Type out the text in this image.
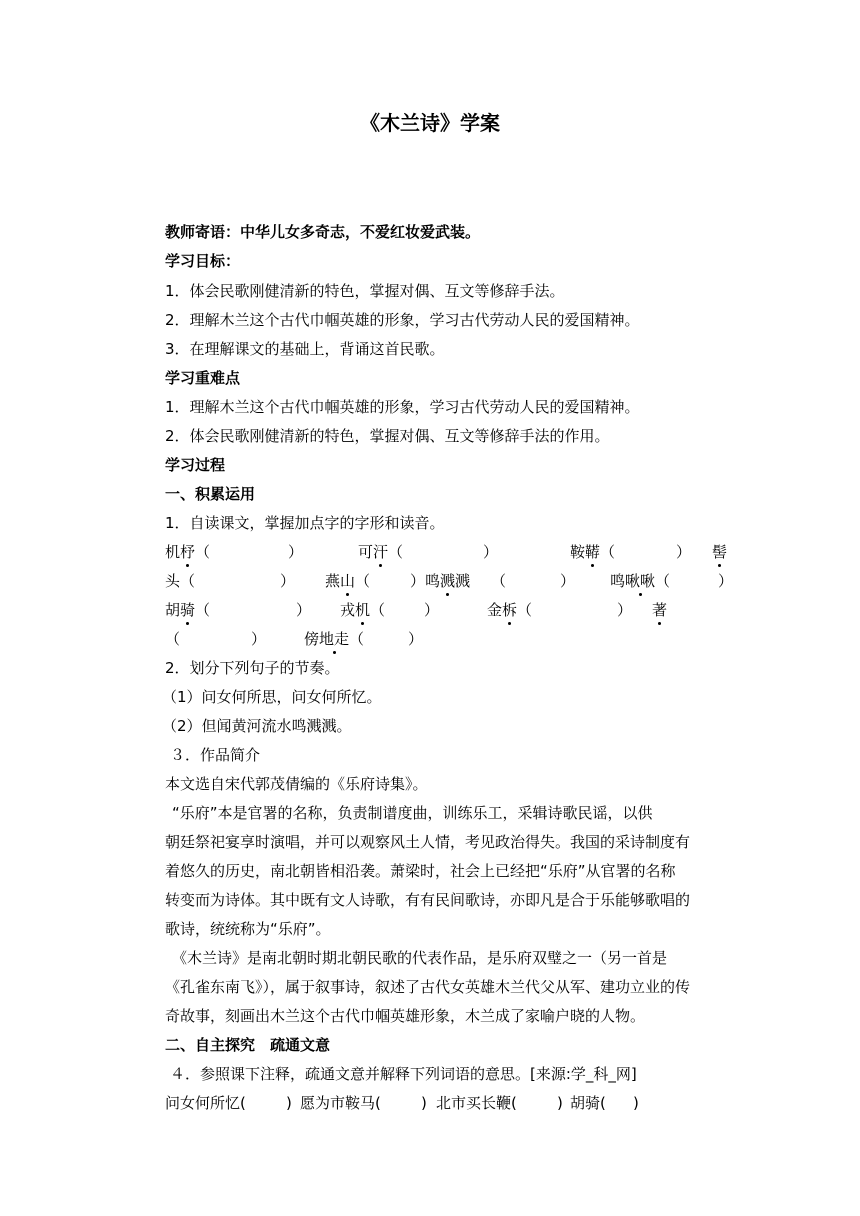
《木兰诗》学案
教师寄语：中华儿女多奇志，不爱红妆爱武装。
学习目标：
1．体会民歌刚健清新的特色，掌握对偶、互文等修辞手法。
2．理解木兰这个古代巾帼英雄的形象，学习古代劳动人民的爱国精神。
3．在理解课文的基础上，背诵这首民歌。
学习重难点
1．理解木兰这个古代巾帼英雄的形象，学习古代劳动人民的爱国精神。
2．体会民歌刚健清新的特色，掌握对偶、互文等修辞手法的作用。
学习过程
一、积累运用
1．自读课文，掌握加点字的字形和读音。
机杼（	）	可汗（	）	鞍鞯（	） 髻
头（	） 燕山（	） 鸣溅溅 （	） 鸣啾啾（	）
胡骑（	） 戎机（	）	金柝（	） 著
（	）	傍地走（	）
2．划分下列句子的节奏。
（1）问女何所思，问女何所忆。
（2）但闻黄河流水鸣溅溅。
３．作品简介
本文选自宋代郭茂倩编的《乐府诗集》。
“乐府”本是官署的名称，负责制谱度曲，训练乐工，采辑诗歌民谣，以供
朝廷祭祀宴享时演唱，并可以观察风土人情，考见政治得失。我国的采诗制度有
着悠久的历史，南北朝皆相沿袭。萧梁时，社会上已经把“乐府”从官署的名称
转变而为诗体。其中既有文人诗歌，有有民间歌诗，亦即凡是合于乐能够歌唱的
歌诗，统统称为“乐府”。
《木兰诗》是南北朝时期北朝民歌的代表作品，是乐府双璧之一（另一首是
《孔雀东南飞》），属于叙事诗，叙述了古代女英雄木兰代父从军、建功立业的传
奇故事，刻画出木兰这个古代巾帼英雄形象，木兰成了家喻户晓的人物。
二、自主探究　疏通文意
４．参照课下注释，疏通文意并解释下列词语的意思。[来源:学_科_网]
问女何所忆(	) 愿为市鞍马(	) 北市买长鞭(	) 胡骑( )
